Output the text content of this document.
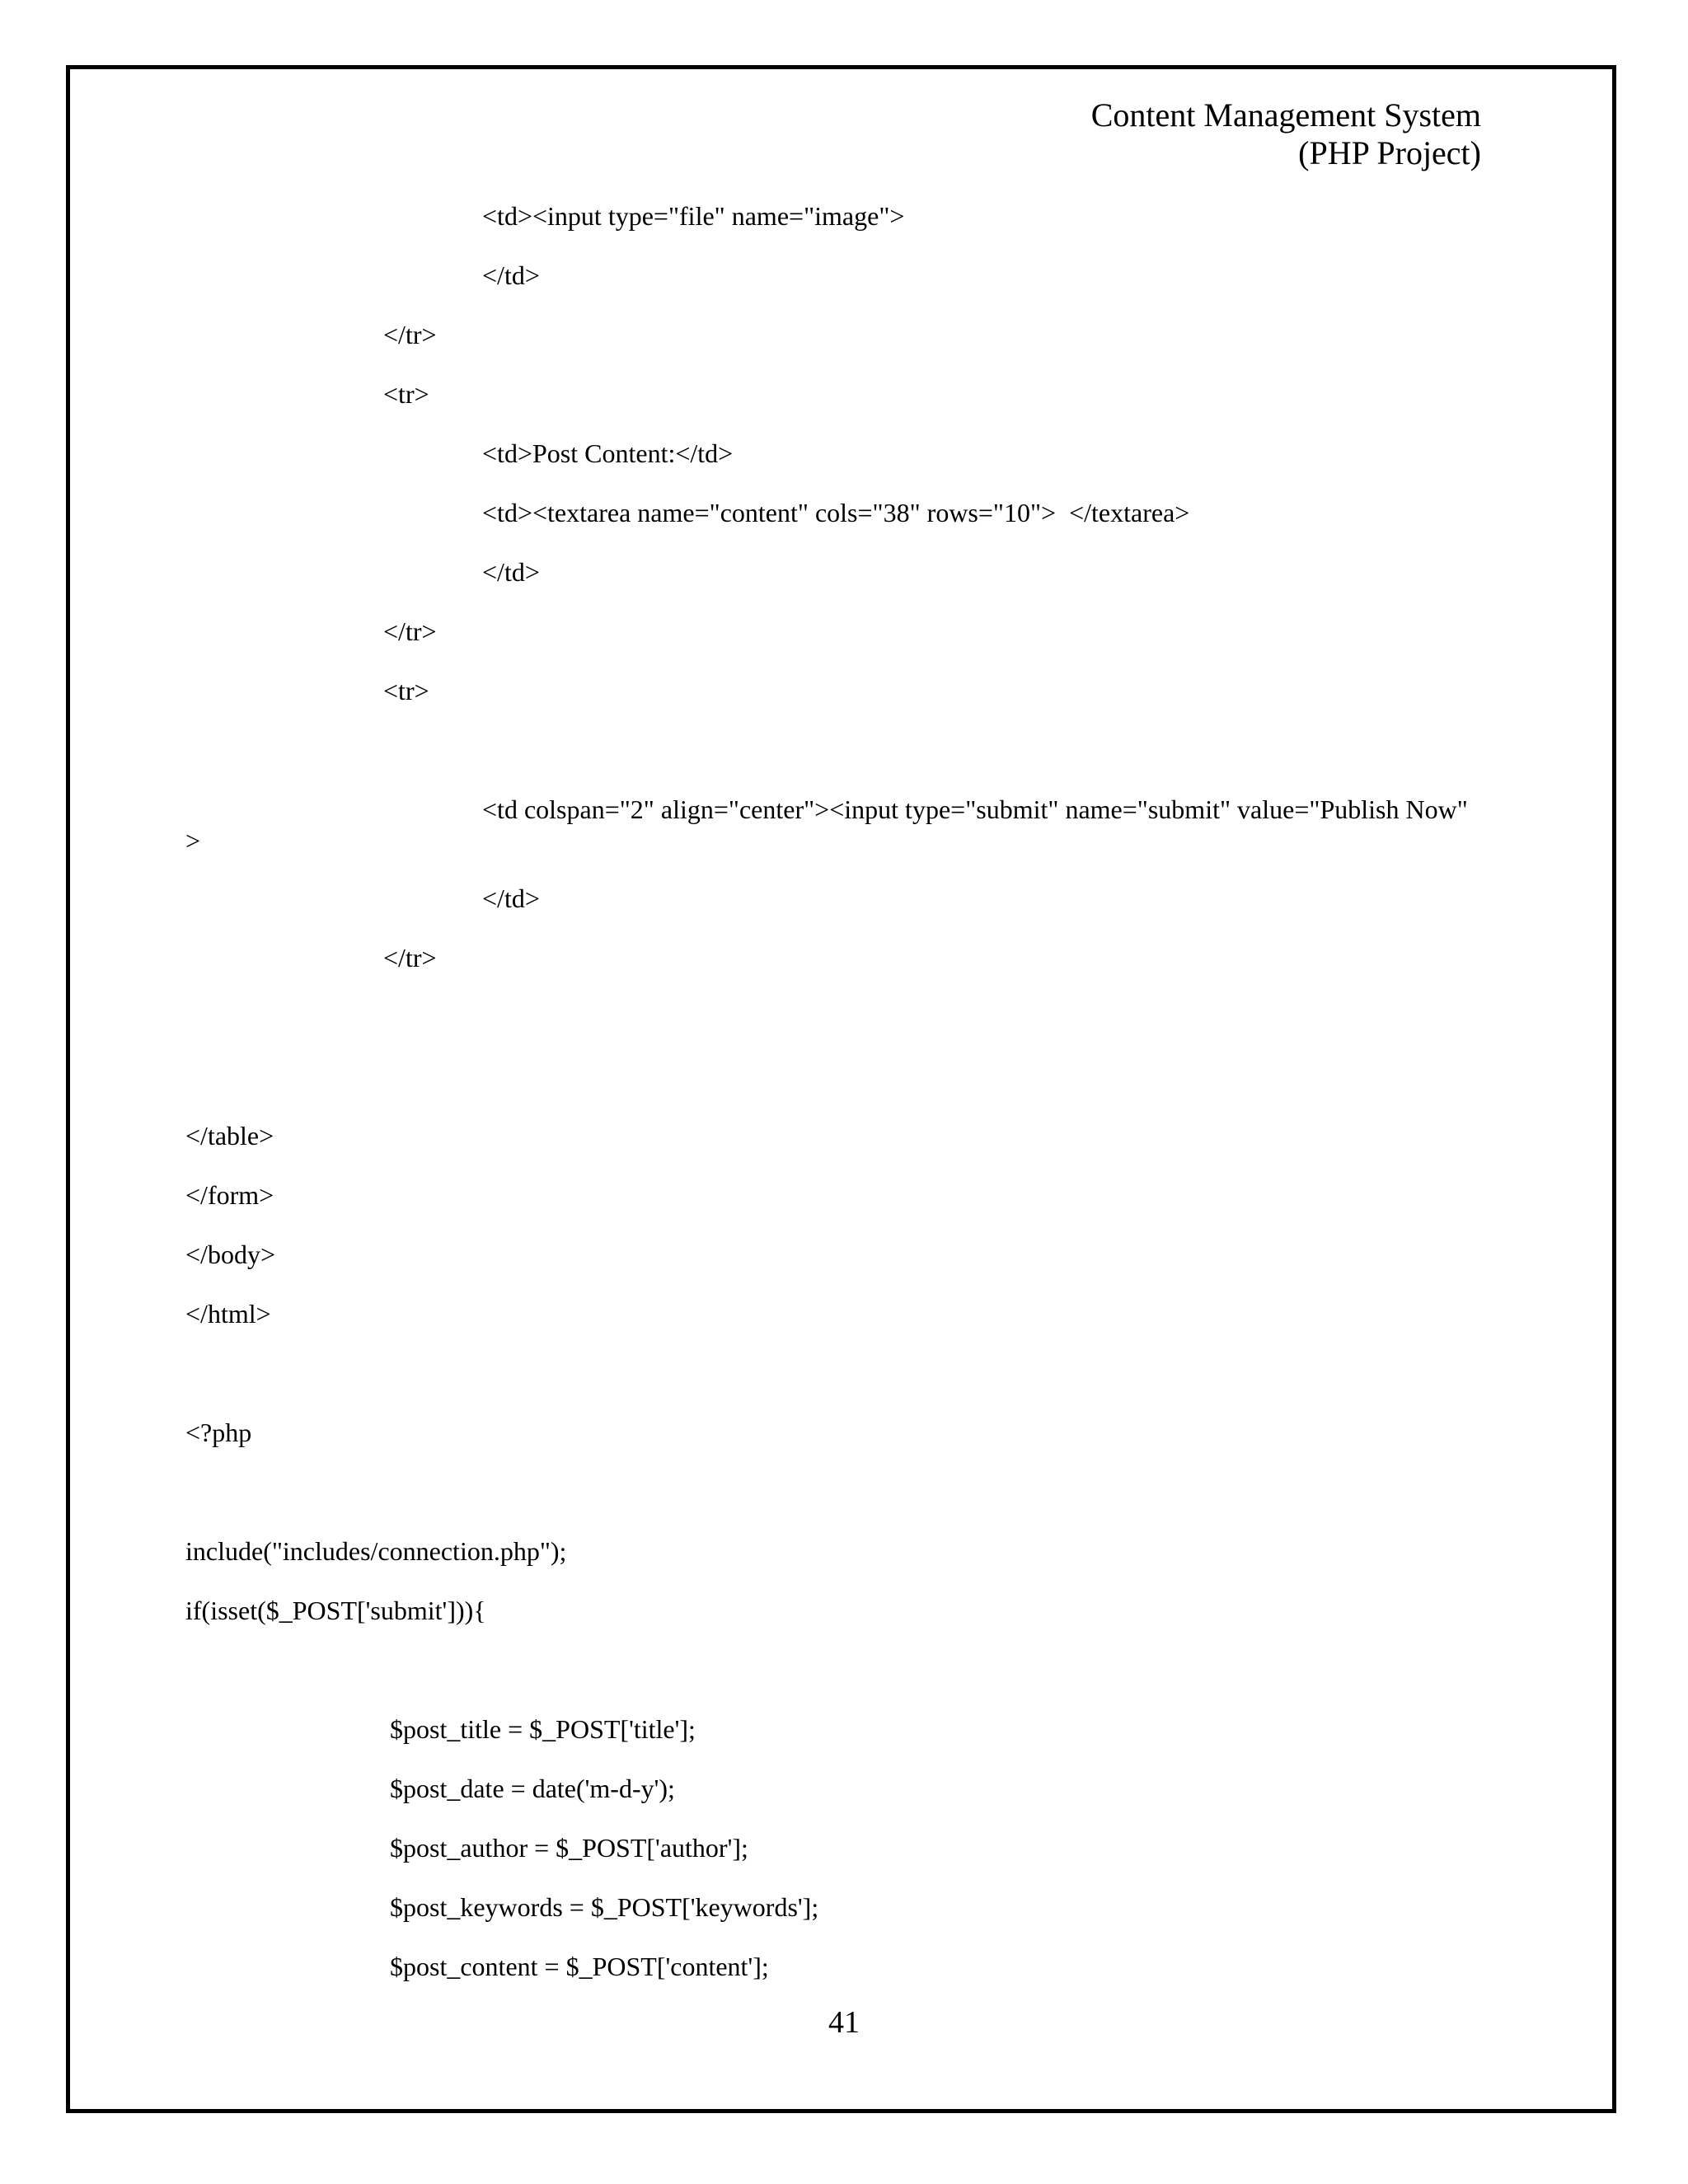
Content Management System
(PHP Project)
<td><input type="file" name="image">
</td>
</tr>
<tr>
<td>Post Content:</td>
<td><textarea name="content" cols="38" rows="10">  </textarea>
</td>
</tr>
<tr>
<td colspan="2" align="center"><input type="submit" name="submit" value="Publish Now"
>
</td>
</tr>
</table>
</form>
</body>
</html>
<?php
include("includes/connection.php");
if(isset($_POST['submit'])){
$post_title = $_POST['title'];
$post_date = date('m-d-y');
$post_author = $_POST['author'];
$post_keywords = $_POST['keywords'];
$post_content = $_POST['content'];
41
